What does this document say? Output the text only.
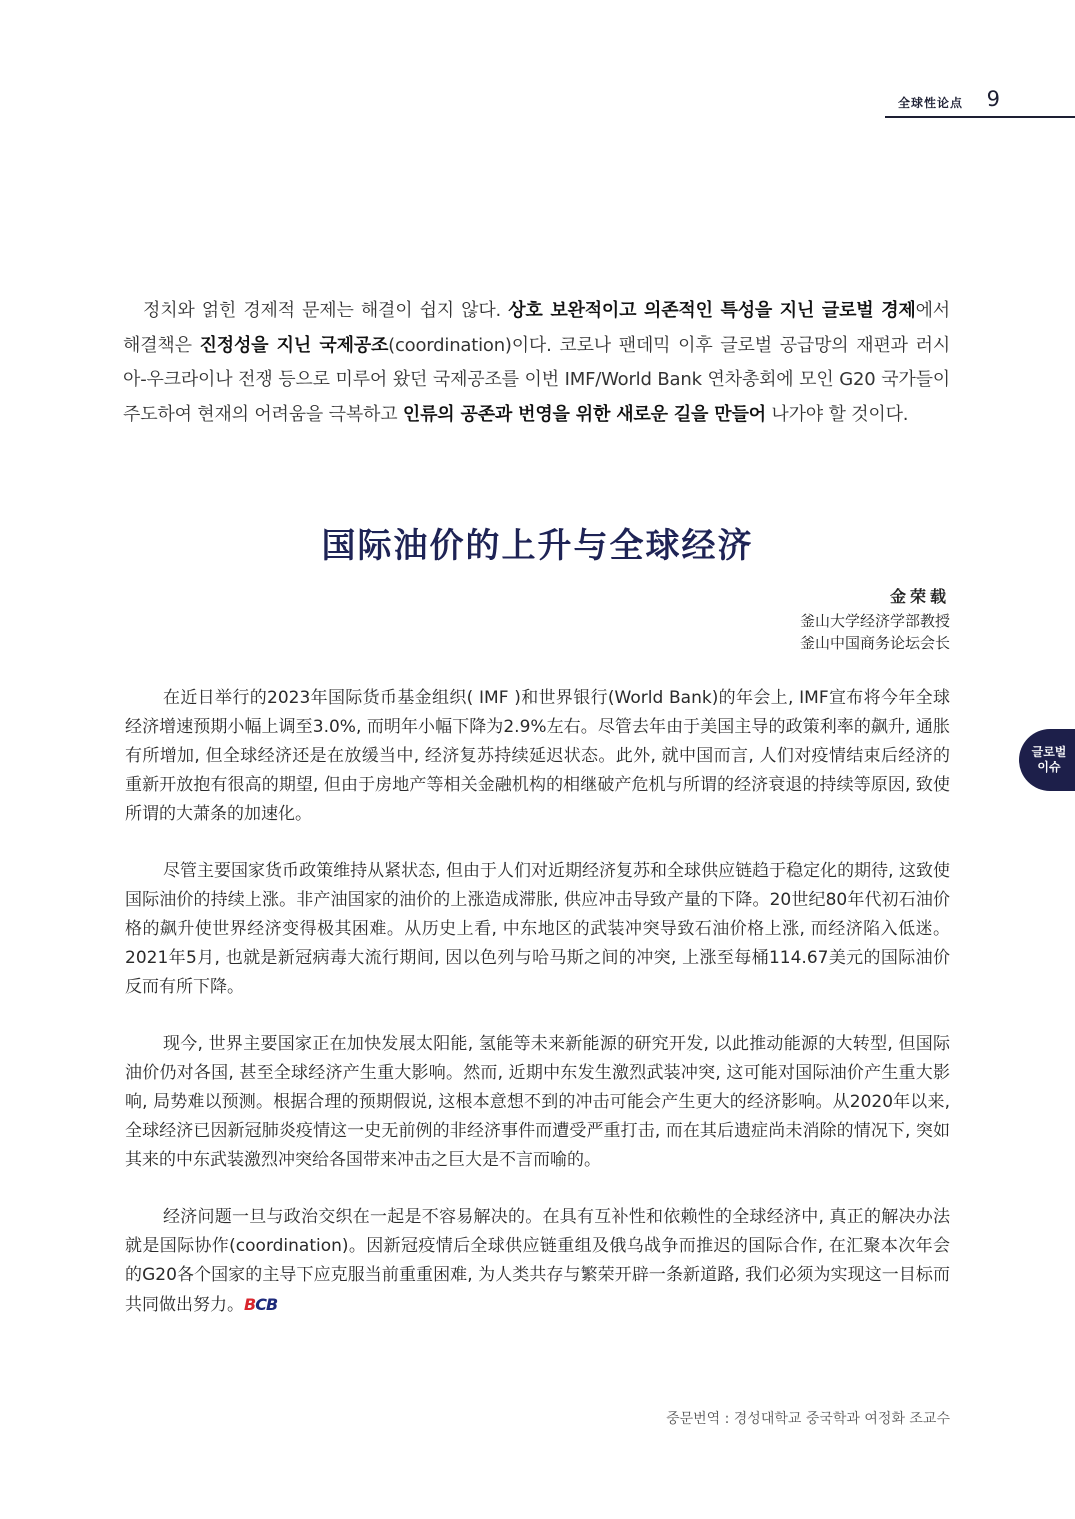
全球性论点 9
글로벌
이슈
정치와 얽힌 경제적 문제는 해결이 쉽지 않다. 상호 보완적이고 의존적인 특성을 지닌 글로벌 경제에서 해결책은 진정성을 지닌 국제공조(coordination)이다. 코로나 팬데믹 이후 글로벌 공급망의 재편과 러시아-우크라이나 전쟁 등으로 미루어 왔던 국제공조를 이번 IMF/World Bank 연차총회에 모인 G20 국가들이 주도하여 현재의 어려움을 극복하고 인류의 공존과 번영을 위한 새로운 길을 만들어 나가야 할 것이다.
国际油价的上升与全球经济
金荣载
釜山大学经济学部教授
釜山中国商务论坛会长

在近日举行的2023年国际货币基金组织( IMF )和世界银行(World Bank)的年会上, IMF宣布将今年全球经济增速预期小幅上调至3.0%, 而明年小幅下降为2.9%左右。尽管去年由于美国主导的政策利率的飙升, 通胀有所增加, 但全球经济还是在放缓当中, 经济复苏持续延迟状态。此外, 就中国而言, 人们对疫情结束后经济的重新开放抱有很高的期望, 但由于房地产等相关金融机构的相继破产危机与所谓的经济衰退的持续等原因, 致使所谓的大萧条的加速化。

尽管主要国家货币政策维持从紧状态, 但由于人们对近期经济复苏和全球供应链趋于稳定化的期待, 这致使国际油价的持续上涨。非产油国家的油价的上涨造成滞胀, 供应冲击导致产量的下降。20世纪80年代初石油价格的飙升使世界经济变得极其困难。从历史上看, 中东地区的武装冲突导致石油价格上涨, 而经济陷入低迷。2021年5月, 也就是新冠病毒大流行期间, 因以色列与哈马斯之间的冲突, 上涨至每桶114.67美元的国际油价反而有所下降。

现今, 世界主要国家正在加快发展太阳能, 氢能等未来新能源的研究开发, 以此推动能源的大转型, 但国际油价仍对各国, 甚至全球经济产生重大影响。然而, 近期中东发生激烈武装冲突, 这可能对国际油价产生重大影响, 局势难以预测。根据合理的预期假说, 这根本意想不到的冲击可能会产生更大的经济影响。从2020年以来, 全球经济已因新冠肺炎疫情这一史无前例的非经济事件而遭受严重打击, 而在其后遗症尚未消除的情况下, 突如其来的中东武装激烈冲突给各国带来冲击之巨大是不言而喻的。

经济问题一旦与政治交织在一起是不容易解决的。在具有互补性和依赖性的全球经济中, 真正的解决办法就是国际协作(coordination)。因新冠疫情后全球供应链重组及俄乌战争而推迟的国际合作, 在汇聚本次年会的G20各个国家的主导下应克服当前重重困难, 为人类共存与繁荣开辟一条新道路, 我们必须为实现这一目标而共同做出努力。BCB

중문번역 : 경성대학교 중국학과 여정화 조교수
